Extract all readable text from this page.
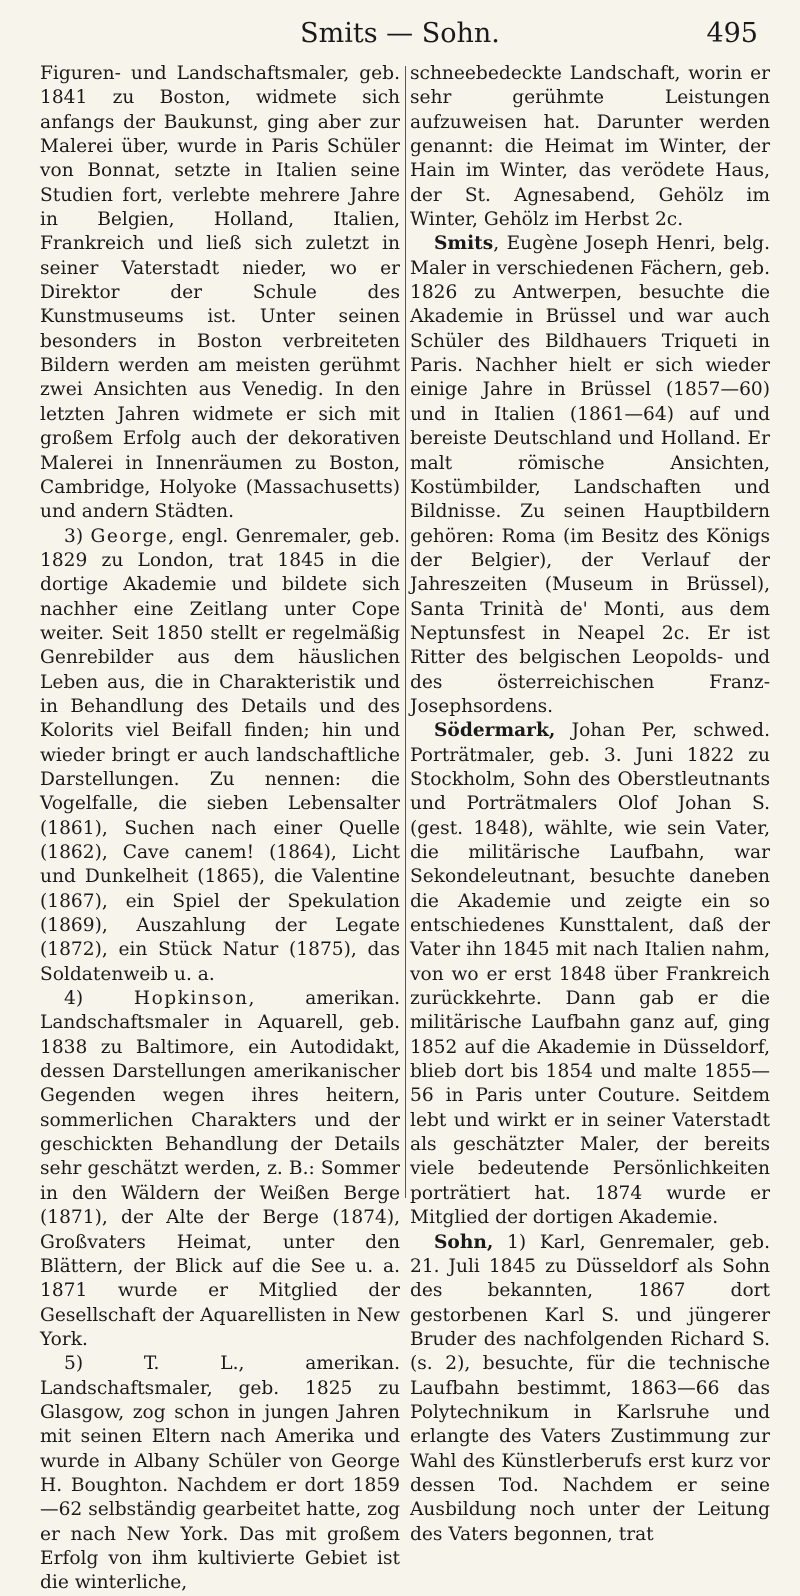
Smits — Sohn.	495

Figuren- und Landschaftsmaler, geb. 1841 zu Boston, widmete sich anfangs der Baukunst, ging aber zur Malerei über, wurde in Paris Schüler von Bonnat, setzte in Italien seine Studien fort, verlebte mehrere Jahre in Belgien, Holland, Italien, Frankreich und ließ sich zuletzt in seiner Vaterstadt nieder, wo er Direktor der Schule des Kunstmuseums ist. Unter seinen besonders in Boston verbreiteten Bildern werden am meisten gerühmt zwei Ansichten aus Venedig. In den letzten Jahren widmete er sich mit großem Erfolg auch der dekorativen Malerei in Innenräumen zu Boston, Cambridge, Holyoke (Massachusetts) und andern Städten.

3) George, engl. Genremaler, geb. 1829 zu London, trat 1845 in die dortige Akademie und bildete sich nachher eine Zeitlang unter Cope weiter. Seit 1850 stellt er regelmäßig Genrebilder aus dem häuslichen Leben aus, die in Charakteristik und in Behandlung des Details und des Kolorits viel Beifall finden; hin und wieder bringt er auch landschaftliche Darstellungen. Zu nennen: die Vogelfalle, die sieben Lebensalter (1861), Suchen nach einer Quelle (1862), Cave canem! (1864), Licht und Dunkelheit (1865), die Valentine (1867), ein Spiel der Spekulation (1869), Auszahlung der Legate (1872), ein Stück Natur (1875), das Soldatenweib u. a.

4)	Hopkinson, amerikan. Landschaftsmaler in Aquarell, geb. 1838 zu Baltimore, ein Autodidakt, dessen Darstellungen amerikanischer Gegenden wegen ihres heitern, sommerlichen Charakters und der geschickten Behandlung der Details sehr geschätzt werden, z. B.: Sommer in den Wäldern der Weißen Berge (1871), der Alte der Berge (1874), Großvaters Heimat, unter den Blättern, der Blick auf die See u. a. 1871 wurde er Mitglied der Gesellschaft der Aquarellisten in New York.

5)	T. L., amerikan. Landschaftsmaler, geb. 1825 zu Glasgow, zog schon in jungen Jahren mit seinen Eltern nach Amerika und wurde in Albany Schüler von George H. Boughton. Nachdem er dort 1859—62 selbständig gearbeitet hatte, zog er nach New York. Das mit großem Erfolg von ihm kultivierte Gebiet ist die winterliche,

schneebedeckte Landschaft, worin er sehr gerühmte Leistungen aufzuweisen hat. Darunter werden genannt: die Heimat im Winter, der Hain im Winter, das verödete Haus, der St. Agnesabend, Gehölz im Winter, Gehölz im Herbst 2c.

Smits, Eugène Joseph Henri, belg. Maler in verschiedenen Fächern, geb. 1826 zu Antwerpen, besuchte die Akademie in Brüssel und war auch Schüler des Bildhauers Triqueti in Paris. Nachher hielt er sich wieder einige Jahre in Brüssel (1857—60) und in Italien (1861—64) auf und bereiste Deutschland und Holland. Er malt römische Ansichten, Kostümbilder, Landschaften und Bildnisse. Zu seinen Hauptbildern gehören: Roma (im Besitz des Königs der Belgier), der Verlauf der Jahreszeiten (Museum in Brüssel), Santa Trinità de' Monti, aus dem Neptunsfest in Neapel 2c. Er ist Ritter des belgischen Leopolds- und des österreichischen Franz-Josephsordens.

Södermark, Johan Per, schwed. Porträtmaler, geb. 3. Juni 1822 zu Stockholm, Sohn des Oberstleutnants und Porträtmalers Olof Johan S. (gest. 1848), wählte, wie sein Vater, die militärische Laufbahn, war Sekondeleutnant, besuchte daneben die Akademie und zeigte ein so entschiedenes Kunsttalent, daß der Vater ihn 1845 mit nach Italien nahm, von wo er erst 1848 über Frankreich zurückkehrte. Dann gab er die militärische Laufbahn ganz auf, ging 1852 auf die Akademie in Düsseldorf, blieb dort bis 1854 und malte 1855—56 in Paris unter Couture. Seitdem lebt und wirkt er in seiner Vaterstadt als geschätzter Maler, der bereits viele bedeutende Persönlichkeiten porträtiert hat. 1874 wurde er Mitglied der dortigen Akademie.

Sohn, 1) Karl, Genremaler, geb. 21. Juli 1845 zu Düsseldorf als Sohn des bekannten, 1867 dort gestorbenen Karl S. und jüngerer Bruder des nachfolgenden Richard S. (s. 2), besuchte, für die technische Laufbahn bestimmt, 1863—66 das Polytechnikum in Karlsruhe und erlangte des Vaters Zustimmung zur Wahl des Künstlerberufs erst kurz vor dessen Tod. Nachdem er seine Ausbildung noch unter der Leitung des Vaters begonnen, trat
